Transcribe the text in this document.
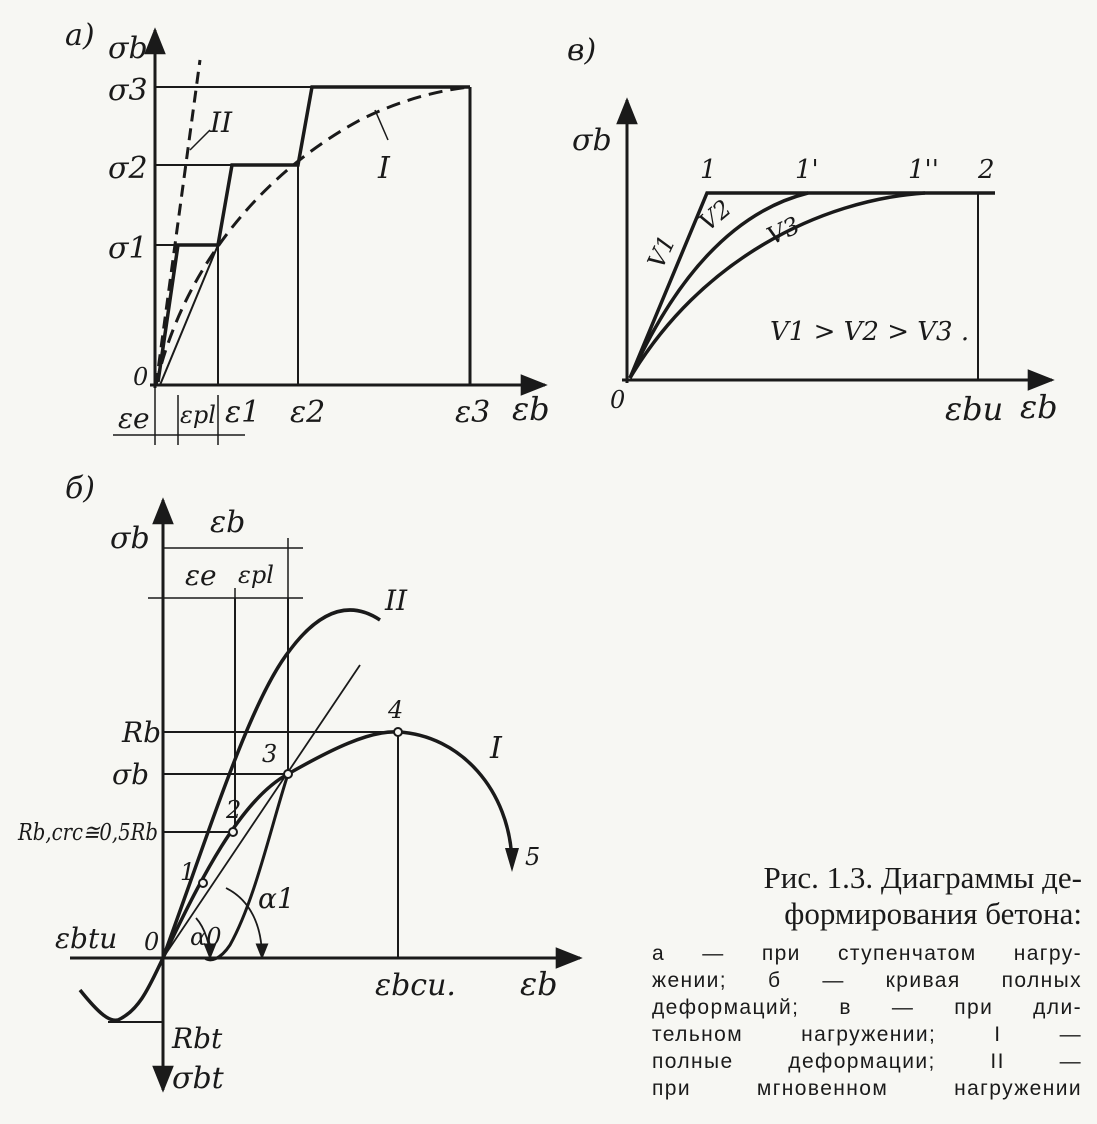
а) σb
εb
0
σ1
σ2
σ3
ε1 ε2	ε3
εe εpl
II
I
в)
σb
εb
0	εbu
1	1'	1'' 2
V1
V2 V3
V1 > V2 > V3 .
б)
σb
σbt
εb
0
εb
εe εpl
Rb
σb
Rb,crc≅0,5Rb
Rbt
εbtu
εbcu.
1
2
3
4
5
II
I
α1
α0
Рис. 1.3. Диаграммы де-
формирования бетона:
а — при ступенчатом нагру-
жении; б — кривая полных
деформаций; в — при дли-
тельном нагружении; I —
полные деформации; II —
при мгновенном нагружении
